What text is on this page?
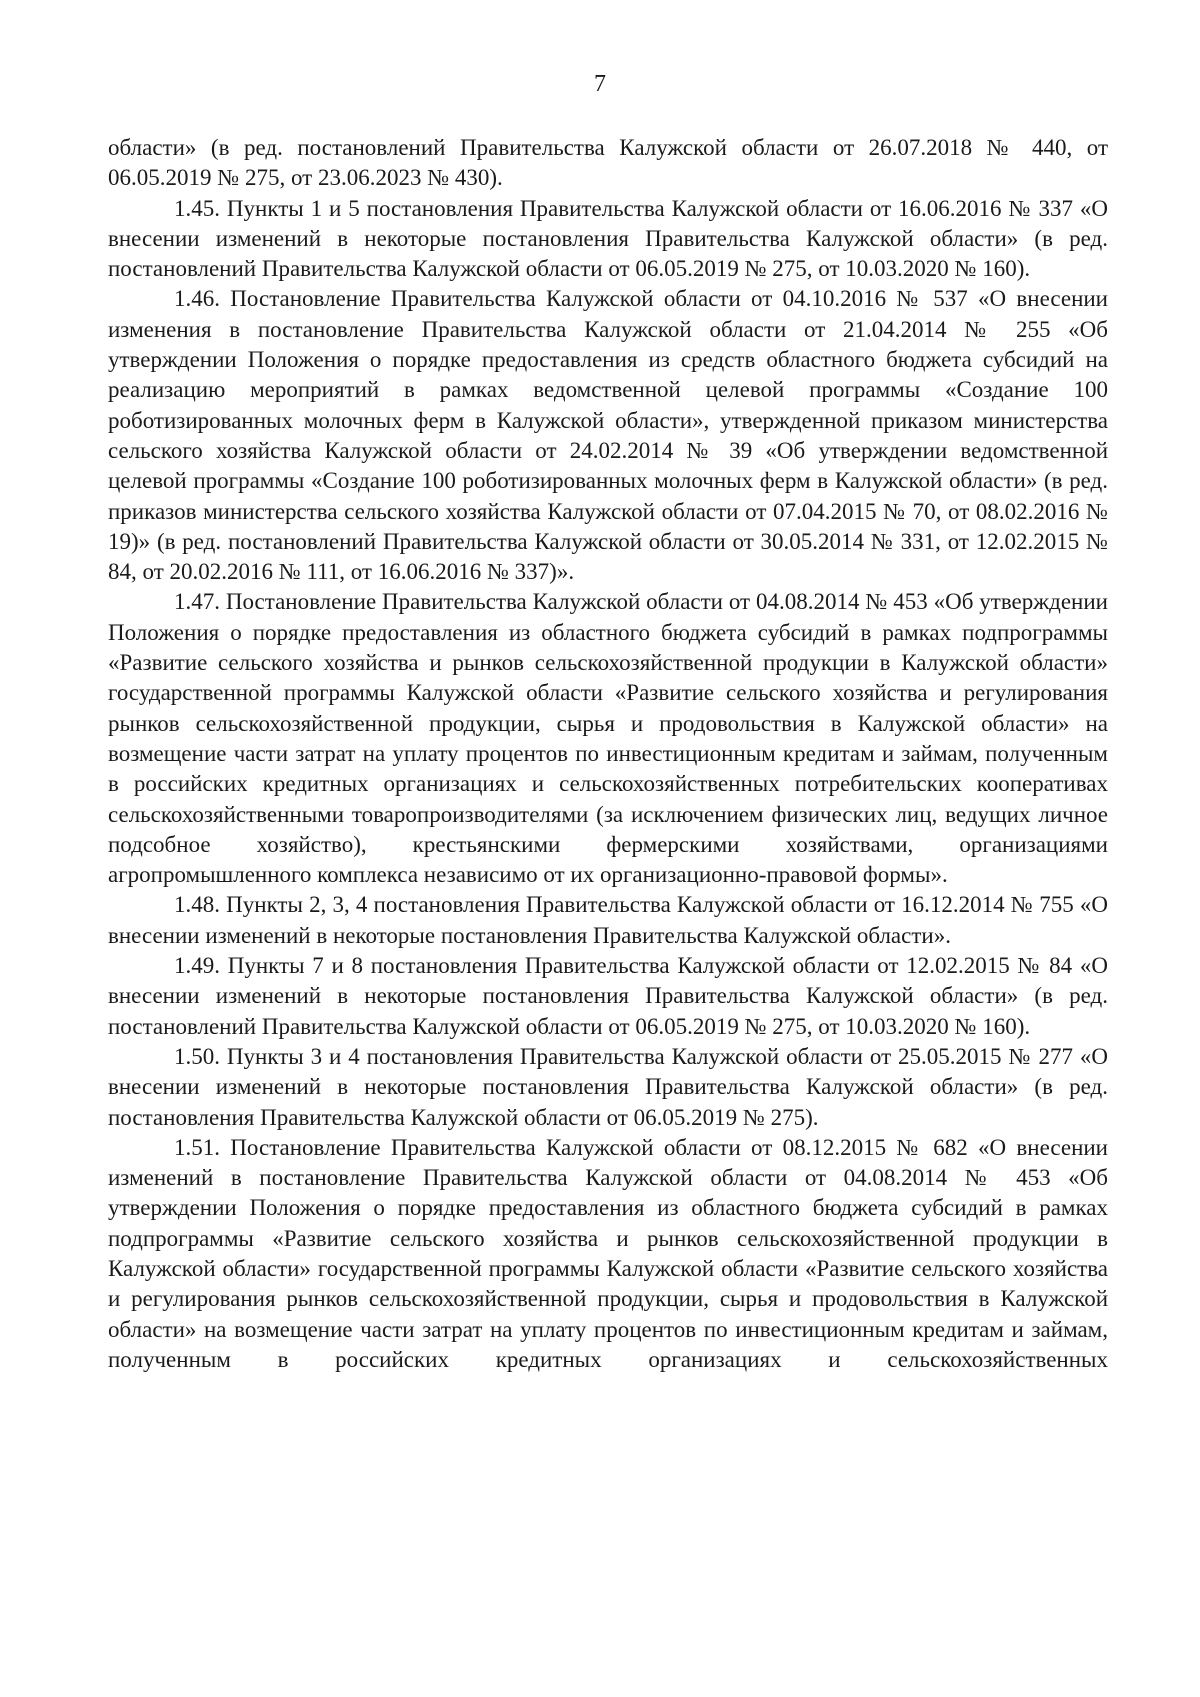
7

области» (в ред. постановлений Правительства Калужской области от 26.07.2018 № 440, от 06.05.2019 № 275, от 23.06.2023 № 430).

1.45. Пункты 1 и 5 постановления Правительства Калужской области от 16.06.2016 № 337 «О внесении изменений в некоторые постановления Правительства Калужской области» (в ред. постановлений Правительства Калужской области от 06.05.2019 № 275, от 10.03.2020 № 160).

1.46. Постановление Правительства Калужской области от 04.10.2016 № 537 «О внесении изменения в постановление Правительства Калужской области от 21.04.2014 № 255 «Об утверждении Положения о порядке предоставления из средств областного бюджета субсидий на реализацию мероприятий в рамках ведомственной целевой программы «Создание 100 роботизированных молочных ферм в Калужской области», утвержденной приказом министерства сельского хозяйства Калужской области от 24.02.2014 № 39 «Об утверждении ведомственной целевой программы «Создание 100 роботизированных молочных ферм в Калужской области» (в ред. приказов министерства сельского хозяйства Калужской области от 07.04.2015 № 70, от 08.02.2016 № 19)» (в ред. постановлений Правительства Калужской области от 30.05.2014 № 331, от 12.02.2015 № 84, от 20.02.2016 № 111, от 16.06.2016 № 337)».

1.47. Постановление Правительства Калужской области от 04.08.2014 № 453 «Об утверждении Положения о порядке предоставления из областного бюджета субсидий в рамках подпрограммы «Развитие сельского хозяйства и рынков сельскохозяйственной продукции в Калужской области» государственной программы Калужской области «Развитие сельского хозяйства и регулирования рынков сельскохозяйственной продукции, сырья и продовольствия в Калужской области» на возмещение части затрат на уплату процентов по инвестиционным кредитам и займам, полученным в российских кредитных организациях и сельскохозяйственных потребительских кооперативах сельскохозяйственными товаропроизводителями (за исключением физических лиц, ведущих личное подсобное хозяйство), крестьянскими фермерскими хозяйствами, организациями агропромышленного комплекса независимо от их организационно-правовой формы».

1.48. Пункты 2, 3, 4 постановления Правительства Калужской области от 16.12.2014 № 755 «О внесении изменений в некоторые постановления Правительства Калужской области».

1.49. Пункты 7 и 8 постановления Правительства Калужской области от 12.02.2015 № 84 «О внесении изменений в некоторые постановления Правительства Калужской области» (в ред. постановлений Правительства Калужской области от 06.05.2019 № 275, от 10.03.2020 № 160).

1.50. Пункты 3 и 4 постановления Правительства Калужской области от 25.05.2015 № 277 «О внесении изменений в некоторые постановления Правительства Калужской области» (в ред. постановления Правительства Калужской области от 06.05.2019 № 275).

1.51. Постановление Правительства Калужской области от 08.12.2015 № 682 «О внесении изменений в постановление Правительства Калужской области от 04.08.2014 № 453 «Об утверждении Положения о порядке предоставления из областного бюджета субсидий в рамках подпрограммы «Развитие сельского хозяйства и рынков сельскохозяйственной продукции в Калужской области» государственной программы Калужской области «Развитие сельского хозяйства и регулирования рынков сельскохозяйственной продукции, сырья и продовольствия в Калужской области» на возмещение части затрат на уплату процентов по инвестиционным кредитам и займам, полученным в российских кредитных организациях и сельскохозяйственных
